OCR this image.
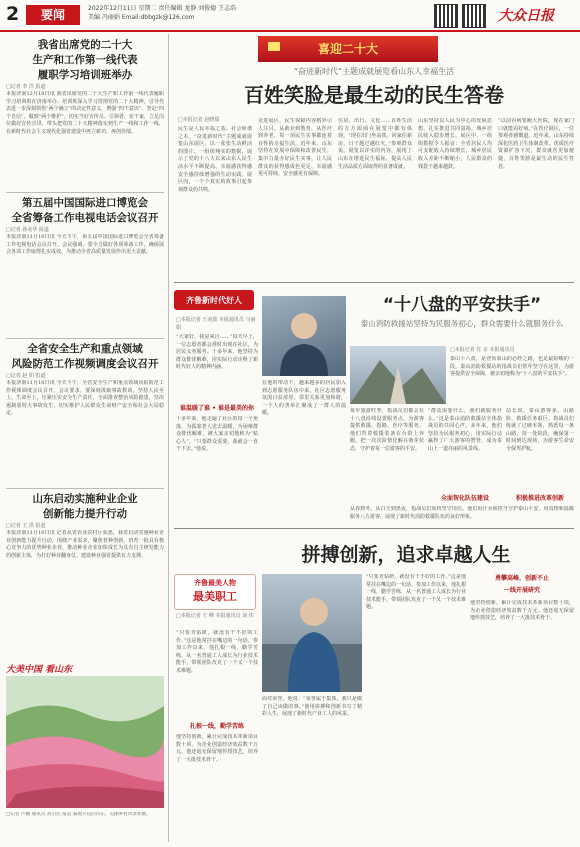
2	要闻	2022年12月11日 星期二 责任编辑 龙静 刘俊德 王志浩
美编 冯丽娟 Email:dbbgzk@126.com	大众日报
我省出席党的二十大
生产和工作第一线代表
履职学习培训班举办
□记者 李 洋 报道
本报济南12月10日讯 我省出席党的二十大生产和工作第一线代表履职学习培训班在济南举办。培训班深入学习贯彻党的二十大精神，引导代表进一步深刻领悟“两个确立”的决定性意义，增强“四个意识”、坚定“四个自信”、做到“两个维护”，切实当好宣传员、引领者、实干家，立足岗位做好宣传宣讲，带头把党的二十大精神落实到生产一线和工作一线，在新时代社会主义现代化强省建设中再立新功、再创佳绩。
第五届中国国际进口博览会
全省筹备工作电视电话会议召开
□记者 孙美华 报道
本报济南11月10日讯 今天下午，第五届中国国际进口博览会全省筹备工作电视电话会议召开。会议强调，要全力做好各项筹备工作，确保展会各项工作取得扎实成效，为推动全省高质量发展作出更大贡献。
全省安全生产和重点领域
风险防范工作视频调度会议召开
□记者 赵 阳 报道
本报济南11月10日讯 今天下午，全省安全生产和重点领域风险防范工作视频调度会议召开。会议要求，要深刻汲取事故教训，坚持人民至上、生命至上，压紧压实安全生产责任，全面排查整治风险隐患，坚决遏制重特大事故发生，切实维护人民群众生命财产安全和社会大局稳定。
山东启动实施种业企业
创新能力提升行动
□记者 王 洪 报道
本报济南11月10日讯 记者从省农业农村厅获悉，我省启动实施种业企业创新能力提升行动，围绕产业需求，聚焦育种创新，培育一批具有核心竞争力的优势种业企业，推动种业企业加快成长为具有自主研发能力的创新主体，为打好种业翻身仗、建设种业强省提供有力支撑。
大美中国 看山东
□记者 卢鹏 通讯员 高启民 报道 遍地开花的山东，美丽乡村风景如画。
喜迎二十大
“奋进新时代”主题成就展览看山东人幸福生活
百姓笑脸是最生动的民生答卷
□本报记者 赵晓瑞
民生是人民幸福之基、社会和谐之本。“奋进新时代”主题成就展览山东展区，以一张张生动鲜活的图片、一组组翔实的数据，展示了党的十八大以来山东人民生活水平不断提高、幸福感获得感安全感持续增强的生动实践。展区内，一个个真实的故事引起参观群众的共鸣。
走进展区，民生保障内容格外引人注目。从就业到教育，从医疗到养老，每一项民生实事都连着百姓的幸福生活。近年来，山东坚持在发展中保障和改善民生，集中力量办好民生实事，让人民群众的获得感成色更足、幸福感更可持续、安全感更有保障。
住房、出行、文化……百姓生活的方方面面在展览中都有体现。“现在出门坐高铁，回家住新房，日子越过越红火。”参观群众说。展览以详实的内容，展现了山东在增进民生福祉、提高人民生活品质方面取得的显著成就。
山东坚持以人民为中心的发展思想，扎实推进共同富裕，城乡居民收入稳步增长。展区中，一组组数据令人振奋：全省居民人均可支配收入持续增长，城乡居民收入差距不断缩小，人民群众的钱袋子越来越鼓。
“以前看病要跑大医院，现在家门口就能看好病。”在医疗展区，一位参观者感慨道。近年来，山东持续深化医药卫生体制改革，优质医疗资源扩容下沉，群众就医更加便捷，百姓笑脸是最生动的民生答卷。
齐鲁新时代好人
□本报记者 王凌波 本报通讯员 马丽娟
“大家好，我是来自……”每天早上，一位志愿者都会准时出现在社区，为居民义务服务。十多年来，他坚持为群众排忧解难，用实际行动诠释了新时代好人的精神内涵。
谁温暖了谁 • 谁是最美的你
十多年来，他走遍了社区的每一个角落，为孤寡老人送去温暖，为困难群众排忧解难，被大家亲切地称为“贴心人”。“只要群众需要，我就会一直干下去。”他说。
在他的带动下，越来越多的居民加入到志愿服务队伍中来，社区志愿服务氛围日益浓厚，邻里关系更加和谐，一个人的善举汇聚成了一群人的温暖。
“十八盘的平安扶手”
泰山消防救援站坚持为民服务初心，群众需要什么就服务什么
□本报记者 任 京 本报通讯员
泰山十八盘，是登顶泰山的必经之路，也是最险峻的一段。泰山消防救援站的指战员们常年坚守在这里，为游客提供安全保障，被亲切地称为“十八盘的平安扶手”。
每年旅游旺季，指战员们都会在十八盘沿线设置服务点，为游客提供救援、指路、医疗等服务。他们背着救援装备在台阶上奔跑，把一次次险情化解在萌芽状态，守护着每一位游客的平安。
“群众需要什么，我们就服务什么。”这是泰山消防救援站全体指战员的共同心声。多年来，他们坚持为民服务初心，用实际行动赢得了广大游客的赞誉，成为泰山上一道亮丽的风景线。
全面智化队伍建设
站长说，泰山游客多、山路险，救援任务艰巨。指战员们练就了过硬本领，熟悉每一条山路、每一处险段，确保第一时间到达现场，为游客生命安全保驾护航。
积极推进改革创新
从春到冬，从白天到黑夜，指战员们始终坚守岗位。他们用汗水和担当守护泰山平安，用真情和温暖服务八方游客，展现了新时代消防救援队伍的良好形象。
拼搏创新，追求卓越人生
齐鲁最美人物
最美职工
□本报记者 王 峰 本报通讯员 刘 伟
“只要肯钻研，就没有干不好的工作。”这是他常挂在嘴边的一句话。参加工作以来，他扎根一线，勤学苦练，从一名普通工人成长为行业技术能手，带领团队攻克了一个又一个技术难题。
扎根一线，勤学苦练
他坚持创新，累计完成技术革新项目数十项，为企业创造经济效益数千万元。他还毫无保留地传授技艺，培养了一大批技术骨干。
面对荣誉，他说：“荣誉属于集体，我只是做了自己该做的事。”他用拼搏和创新书写了精彩人生，展现了新时代产业工人的风采。
“只要肯钻研，就没有干不好的工作。”这是他常挂在嘴边的一句话。参加工作以来，他扎根一线，勤学苦练，从一名普通工人成长为行业技术能手，带领团队攻克了一个又一个技术难题。
勇攀高峰，创新不止
一线开展研究
他坚持创新，累计完成技术革新项目数十项，为企业创造经济效益数千万元。他还毫无保留地传授技艺，培养了一大批技术骨干。
